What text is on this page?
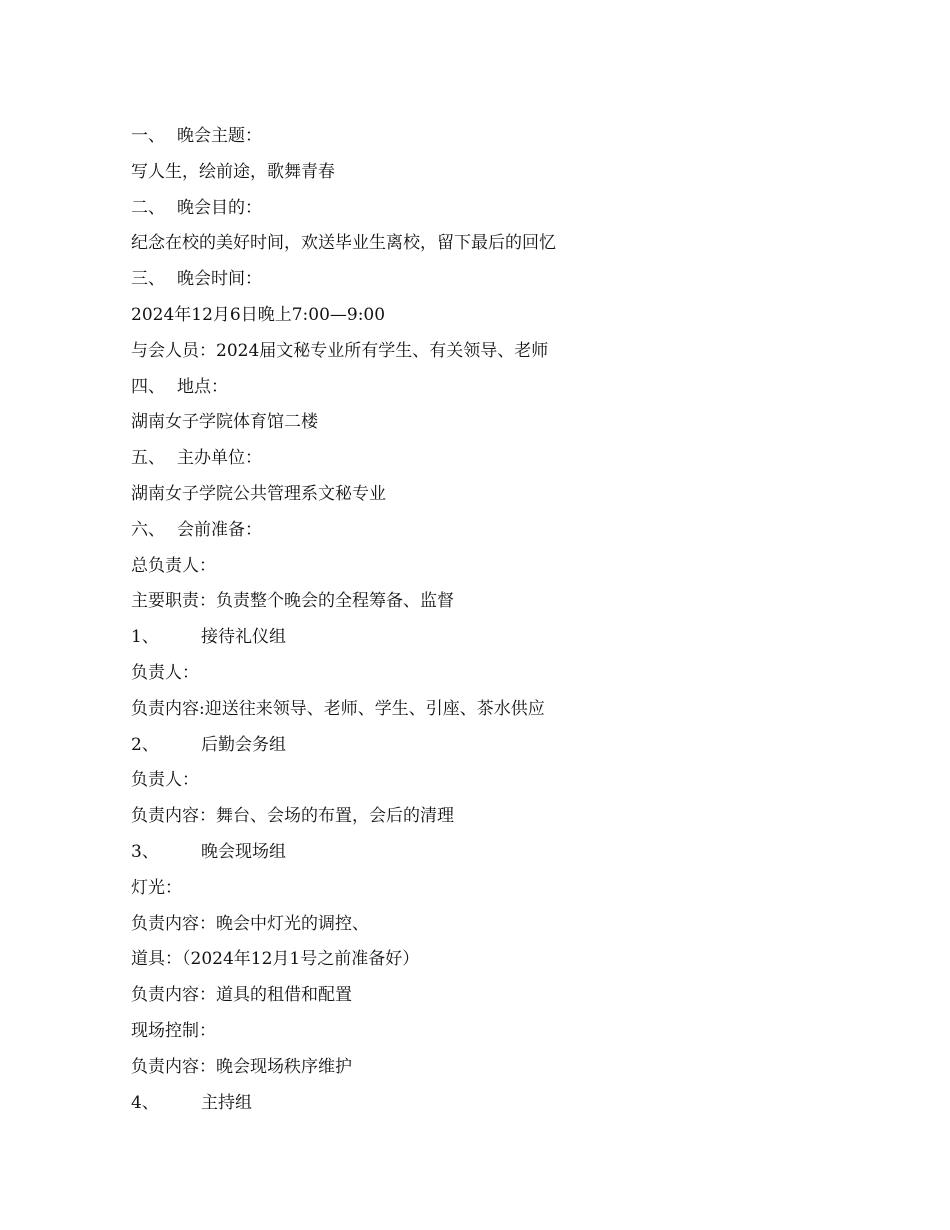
一、 晚会主题：
写人生，绘前途，歌舞青春
二、 晚会目的：
纪念在校的美好时间，欢送毕业生离校，留下最后的回忆
三、 晚会时间：
2024年12月6日晚上7:00—9:00
与会人员：2024届文秘专业所有学生、有关领导、老师
四、 地点：
湖南女子学院体育馆二楼
五、 主办单位：
湖南女子学院公共管理系文秘专业
六、 会前准备：
总负责人：
主要职责：负责整个晚会的全程筹备、监督
1、 接待礼仪组
负责人：
负责内容:迎送往来领导、老师、学生、引座、茶水供应
2、 后勤会务组
负责人：
负责内容：舞台、会场的布置，会后的清理
3、 晚会现场组
灯光：
负责内容：晚会中灯光的调控、
道具：（2024年12月1号之前准备好）
负责内容：道具的租借和配置
现场控制：
负责内容：晚会现场秩序维护
4、 主持组
